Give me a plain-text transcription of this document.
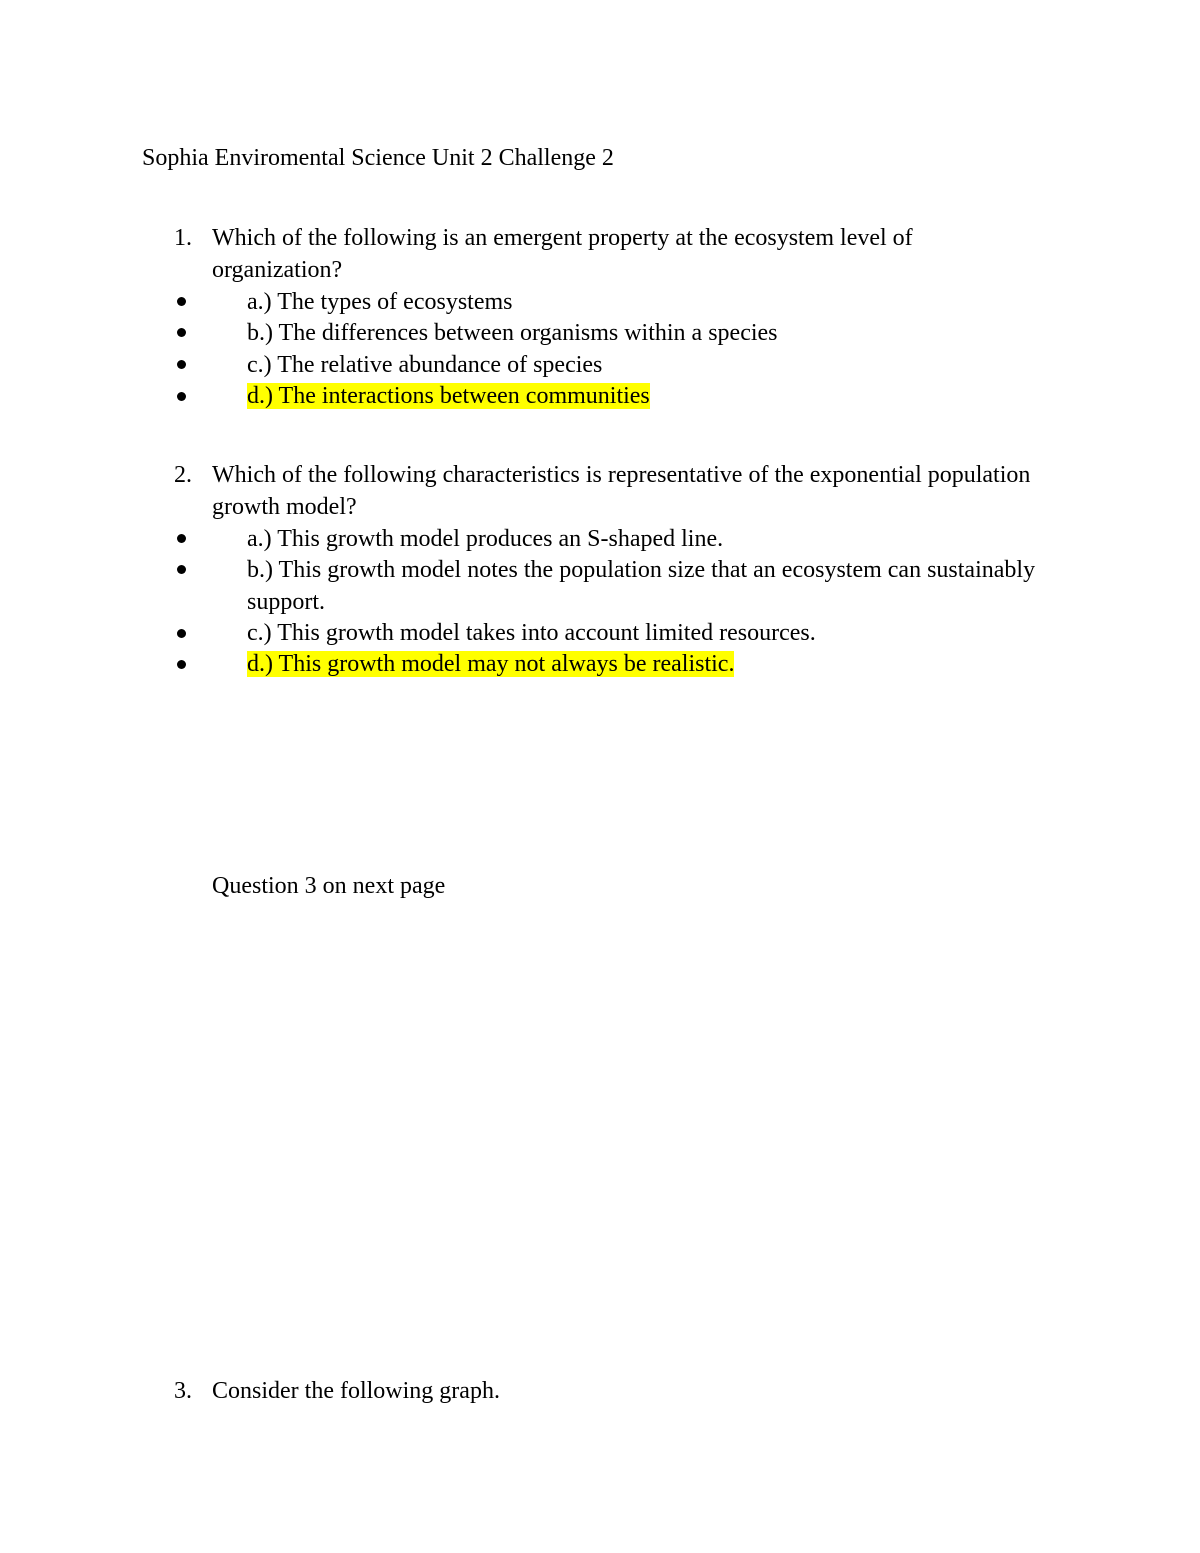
Sophia Enviromental Science Unit 2 Challenge 2
1. Which of the following is an emergent property at the ecosystem level of organization?
a.) The types of ecosystems
b.) The differences between organisms within a species
c.) The relative abundance of species
d.) The interactions between communities
2. Which of the following characteristics is representative of the exponential population growth model?
a.) This growth model produces an S-shaped line.
b.) This growth model notes the population size that an ecosystem can sustainably support.
c.) This growth model takes into account limited resources.
d.) This growth model may not always be realistic.
Question 3 on next page
3. Consider the following graph.
